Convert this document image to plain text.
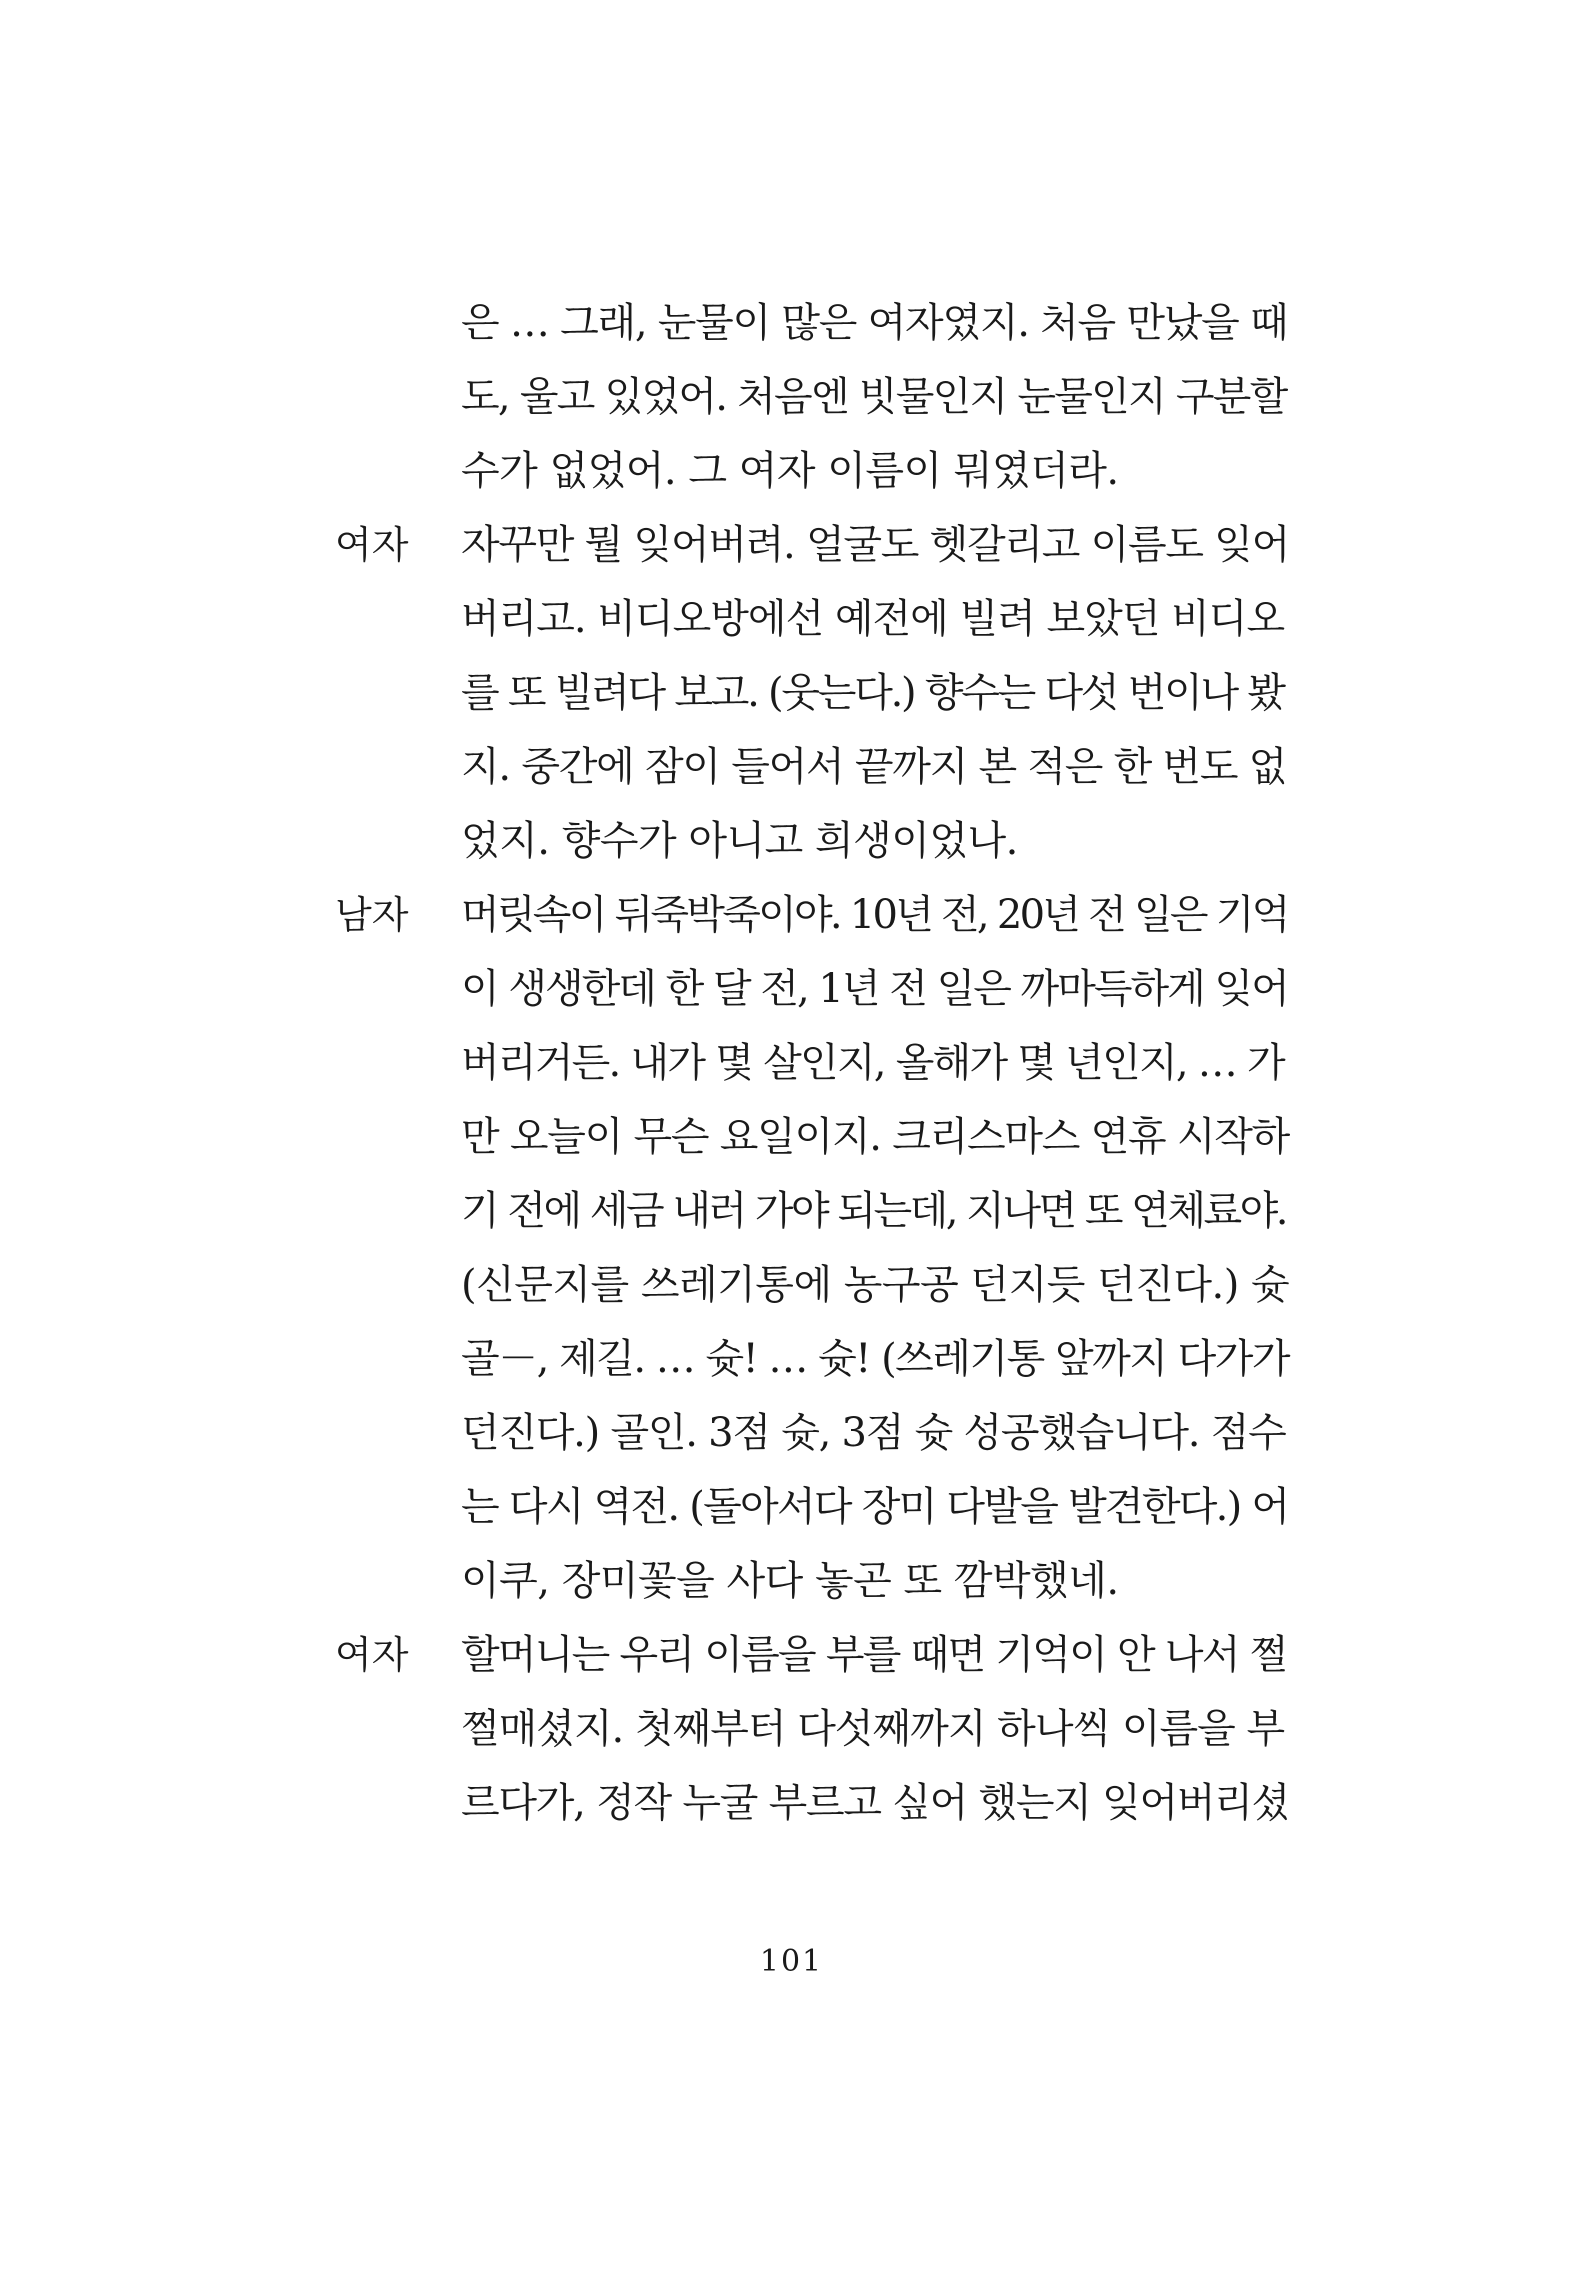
은 … 그래, 눈물이 많은 여자였지. 처음 만났을 때
도, 울고 있었어. 처음엔 빗물인지 눈물인지 구분할
수가 없었어. 그 여자 이름이 뭐였더라.
여자 자꾸만 뭘 잊어버려. 얼굴도 헷갈리고 이름도 잊어
버리고. 비디오방에선 예전에 빌려 보았던 비디오
를 또 빌려다 보고. (웃는다.) 향수는 다섯 번이나 봤
지. 중간에 잠이 들어서 끝까지 본 적은 한 번도 없
었지. 향수가 아니고 희생이었나.
남자 머릿속이 뒤죽박죽이야. 10년 전, 20년 전 일은 기억
이 생생한데 한 달 전, 1년 전 일은 까마득하게 잊어
버리거든. 내가 몇 살인지, 올해가 몇 년인지, … 가
만 오늘이 무슨 요일이지. 크리스마스 연휴 시작하
기 전에 세금 내러 가야 되는데, 지나면 또 연체료야.
(신문지를 쓰레기통에 농구공 던지듯 던진다.) 슛
골－, 제길. … 슛! … 슛! (쓰레기통 앞까지 다가가
던진다.) 골인. 3점 슛, 3점 슛 성공했습니다. 점수
는 다시 역전. (돌아서다 장미 다발을 발견한다.) 어
이쿠, 장미꽃을 사다 놓곤 또 깜박했네.
여자 할머니는 우리 이름을 부를 때면 기억이 안 나서 쩔
쩔매셨지. 첫째부터 다섯째까지 하나씩 이름을 부
르다가, 정작 누굴 부르고 싶어 했는지 잊어버리셨
101
